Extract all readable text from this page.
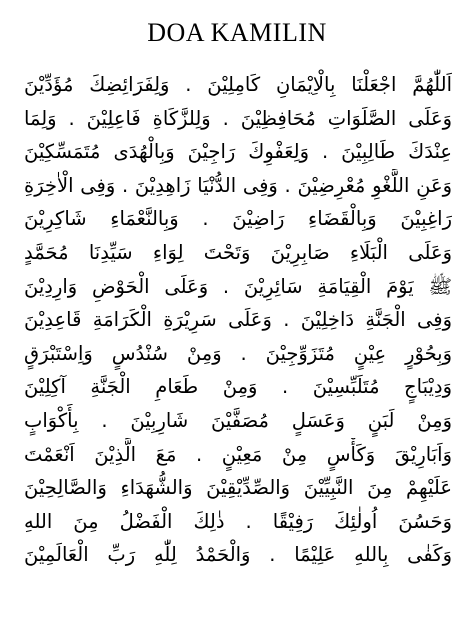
DOA KAMILIN
اَللّٰهُمَّ اجْعَلْنَا بِالْاِيْمَانِ كَامِلِيْنَ . وَلِفَرَائِضِكَ مُؤَدِّيْنَ
وَعَلَى الصَّلَوَاتِ مُحَافِظِيْنَ . وَلِلزَّكَاةِ فَاعِلِيْنَ . وَلِمَا
عِنْدَكَ طَالِبِيْنَ . وَلِعَفْوِكَ رَاجِيْنَ وَبِالْهُدَى مُتَمَسِّكِيْنَ
وَعَنِ اللَّغْوِ مُعْرِضِيْنَ . وَفِى الدُّنْيَا زَاهِدِيْنَ . وَفِى الْاٰخِرَةِ
رَاغِبِيْنَ وَبِالْقَضَاءِ رَاضِيْنَ . وَبِالنَّعْمَاءِ شَاكِرِيْنَ
وَعَلَى الْبَلَاءِ صَابِرِيْنَ وَتَحْتَ لِوَاءِ سَيِّدِنَا مُحَمَّدٍ
ﷺ يَوْمَ الْقِيَامَةِ سَائِرِيْنَ . وَعَلَى الْحَوْضِ وَارِدِيْنَ
وَفِى الْجَنَّةِ دَاخِلِيْنَ . وَعَلَى سَرِيْرَةِ الْكَرَامَةِ قَاعِدِيْنَ
وَبِحُوْرٍ عِيْنٍ مُتَزَوِّجِيْنَ . وَمِنْ سُنْدُسٍ وَاِسْتَبْرَقٍ
وَدِيْبَاجٍ مُتَلَبِّسِيْنَ . وَمِنْ طَعَامِ الْجَنَّةِ آكِلِيْنَ
وَمِنْ لَبَنٍ وَعَسَلٍ مُصَفَّيْنَ شَارِبِيْنَ . بِأَكْوَابٍ
وَاَبَارِيْقَ وَكَأْسٍ مِنْ مَعِيْنٍ . مَعَ الَّذِيْنَ اَنْعَمْتَ
عَلَيْهِمْ مِنَ النَّبِيِّيْنَ وَالصِّدِّيْقِيْنَ وَالشُّهَدَاءِ وَالصَّالِحِيْنَ
وَحَسُنَ اُولٰئِكَ رَفِيْقًا . ذٰلِكَ الْفَضْلُ مِنَ اللهِ
وَكَفٰى بِاللهِ عَلِيْمًا . وَالْحَمْدُ لِلّٰهِ رَبِّ الْعَالَمِيْنَ
